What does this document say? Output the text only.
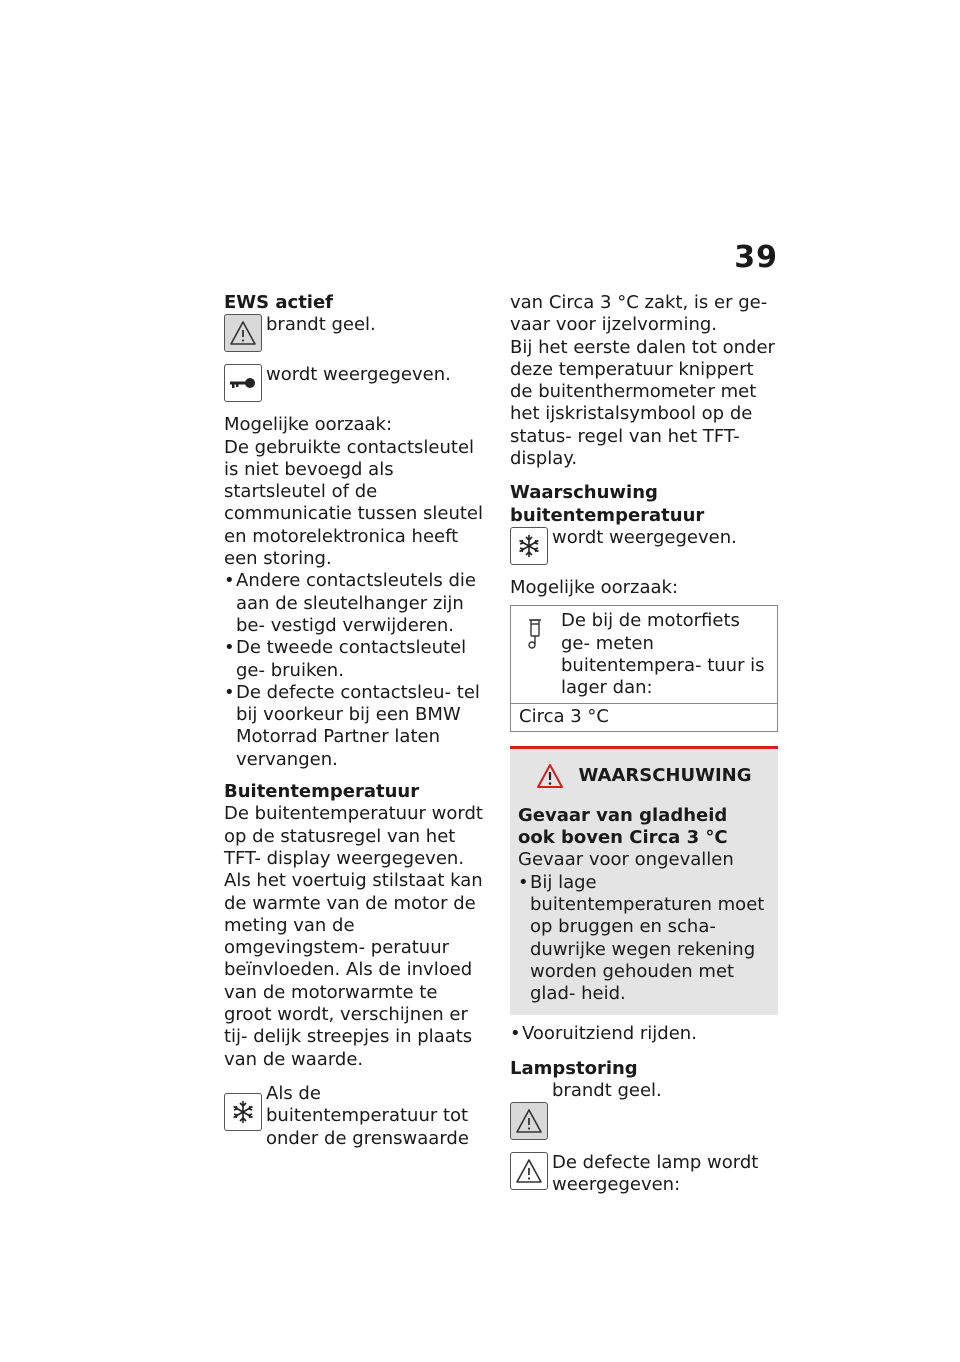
39
EWS actief
brandt geel.
wordt weergegeven.
Mogelijke oorzaak:
De gebruikte contactsleutel is niet bevoegd als startsleutel of de communicatie tussen sleutel en motorelektronica heeft een storing.
• Andere contactsleutels die aan de sleutelhanger zijn be- vestigd verwijderen.
• De tweede contactsleutel ge- bruiken.
• De defecte contactsleu- tel bij voorkeur bij een BMW Motorrad Partner laten vervangen.
Buitentemperatuur
De buitentemperatuur wordt op de statusregel van het TFT- display weergegeven.
Als het voertuig stilstaat kan de warmte van de motor de meting van de omgevingstem- peratuur beïnvloeden. Als de invloed van de motorwarmte te groot wordt, verschijnen er tij- delijk streepjes in plaats van de waarde.
Als de buitentemperatuur tot onder de grenswaarde
van Circa 3 °C zakt, is er ge- vaar voor ijzelvorming.
Bij het eerste dalen tot onder deze temperatuur knippert de buitenthermometer met het ijskristalsymbool op de status- regel van het TFT-display.
Waarschuwing buitentemperatuur
wordt weergegeven.
Mogelijke oorzaak:
De bij de motorfiets ge- meten buitentempera- tuur is lager dan:
Circa 3 °C
WAARSCHUWING
Gevaar van gladheid ook boven Circa 3 °C
Gevaar voor ongevallen
• Bij lage buitentemperaturen moet op bruggen en scha- duwrijke wegen rekening worden gehouden met glad- heid.
• Vooruitziend rijden.
Lampstoring
brandt geel.
De defecte lamp wordt weergegeven:
